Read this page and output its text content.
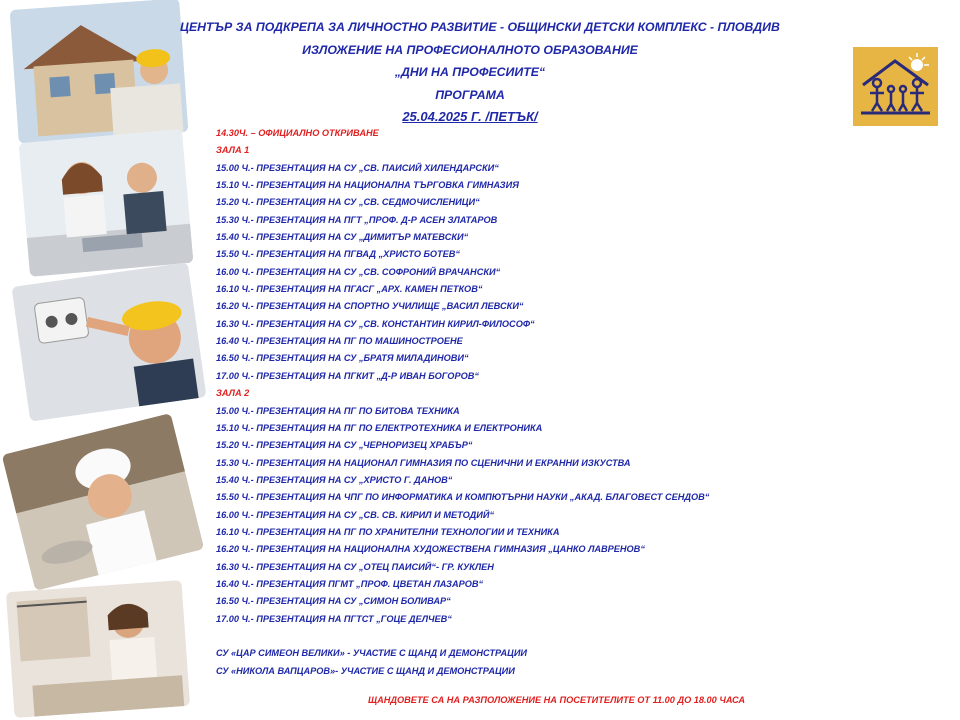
ЦЕНТЪР ЗА ПОДКРЕПА ЗА ЛИЧНОСТНО РАЗВИТИЕ - ОБЩИНСКИ ДЕТСКИ КОМПЛЕКС - ПЛОВДИВ
ИЗЛОЖЕНИЕ НА ПРОФЕСИОНАЛНОТО ОБРАЗОВАНИЕ
„ДНИ НА ПРОФЕСИИТЕ“
ПРОГРАМА
25.04.2025 Г. /ПЕТЪК/
14.30Ч. – ОФИЦИАЛНО ОТКРИВАНЕ
ЗАЛА 1
15.00 Ч.- ПРЕЗЕНТАЦИЯ НА СУ „СВ. ПАИСИЙ ХИЛЕНДАРСКИ“
15.10 Ч.- ПРЕЗЕНТАЦИЯ НА НАЦИОНАЛНА ТЪРГОВКА ГИМНАЗИЯ
15.20 Ч.- ПРЕЗЕНТАЦИЯ НА СУ „СВ. СЕДМОЧИСЛЕНИЦИ“
15.30 Ч.- ПРЕЗЕНТАЦИЯ НА ПГТ „ПРОФ. Д-Р АСЕН ЗЛАТАРОВ
15.40 Ч.- ПРЕЗЕНТАЦИЯ НА СУ „ДИМИТЪР МАТЕВСКИ“
15.50 Ч.- ПРЕЗЕНТАЦИЯ НА ПГВАД „ХРИСТО БОТЕВ“
16.00 Ч.- ПРЕЗЕНТАЦИЯ НА СУ „СВ. СОФРОНИЙ ВРАЧАНСКИ“
16.10 Ч.- ПРЕЗЕНТАЦИЯ НА ПГАСГ „АРХ. КАМЕН ПЕТКОВ“
16.20 Ч.- ПРЕЗЕНТАЦИЯ НА СПОРТНО УЧИЛИЩЕ „ВАСИЛ ЛЕВСКИ“
16.30 Ч.- ПРЕЗЕНТАЦИЯ НА СУ „СВ. КОНСТАНТИН КИРИЛ-ФИЛОСОФ“
16.40 Ч.- ПРЕЗЕНТАЦИЯ НА ПГ ПО МАШИНОСТРОЕНЕ
16.50 Ч.- ПРЕЗЕНТАЦИЯ НА СУ „БРАТЯ МИЛАДИНОВИ“
17.00 Ч.- ПРЕЗЕНТАЦИЯ НА ПГКИТ „Д-Р ИВАН БОГОРОВ“
ЗАЛА 2
15.00 Ч.- ПРЕЗЕНТАЦИЯ НА ПГ ПО БИТОВА ТЕХНИКА
15.10 Ч.- ПРЕЗЕНТАЦИЯ НА ПГ ПО ЕЛЕКТРОТЕХНИКА И ЕЛЕКТРОНИКА
15.20 Ч.- ПРЕЗЕНТАЦИЯ НА СУ „ЧЕРНОРИЗЕЦ ХРАБЪР“
15.30 Ч.- ПРЕЗЕНТАЦИЯ НА НАЦИОНАЛ ГИМНАЗИЯ ПО СЦЕНИЧНИ И ЕКРАННИ ИЗКУСТВА
15.40 Ч.- ПРЕЗЕНТАЦИЯ НА СУ „ХРИСТО Г. ДАНОВ“
15.50 Ч.- ПРЕЗЕНТАЦИЯ НА ЧПГ ПО ИНФОРМАТИКА И КОМПЮТЪРНИ НАУКИ „АКАД. БЛАГОВЕСТ СЕНДОВ“
16.00 Ч.- ПРЕЗЕНТАЦИЯ НА СУ „СВ. СВ. КИРИЛ И МЕТОДИЙ“
16.10 Ч.- ПРЕЗЕНТАЦИЯ НА ПГ ПО ХРАНИТЕЛНИ ТЕХНОЛОГИИ И ТЕХНИКА
16.20 Ч.- ПРЕЗЕНТАЦИЯ НА НАЦИОНАЛНА ХУДОЖЕСТВЕНА ГИМНАЗИЯ „ЦАНКО ЛАВРЕНОВ“
16.30 Ч.- ПРЕЗЕНТАЦИЯ НА СУ „ОТЕЦ ПАИСИЙ“- ГР. КУКЛЕН
16.40 Ч.- ПРЕЗЕНТАЦИЯ ПГМТ „ПРОФ. ЦВЕТАН ЛАЗАРОВ“
16.50 Ч.- ПРЕЗЕНТАЦИЯ НА СУ „СИМОН БОЛИВАР“
17.00 Ч.- ПРЕЗЕНТАЦИЯ НА ПГТСТ „ГОЦЕ ДЕЛЧЕВ“
СУ «ЦАР СИМЕОН ВЕЛИКИ» - УЧАСТИЕ С ЩАНД И ДЕМОНСТРАЦИИ
СУ «НИКОЛА ВАПЦАРОВ»- УЧАСТИЕ С ЩАНД И ДЕМОНСТРАЦИИ
ЩАНДОВЕТЕ СА НА РАЗПОЛОЖЕНИЕ НА ПОСЕТИТЕЛИТЕ ОТ 11.00 ДО 18.00 ЧАСА
